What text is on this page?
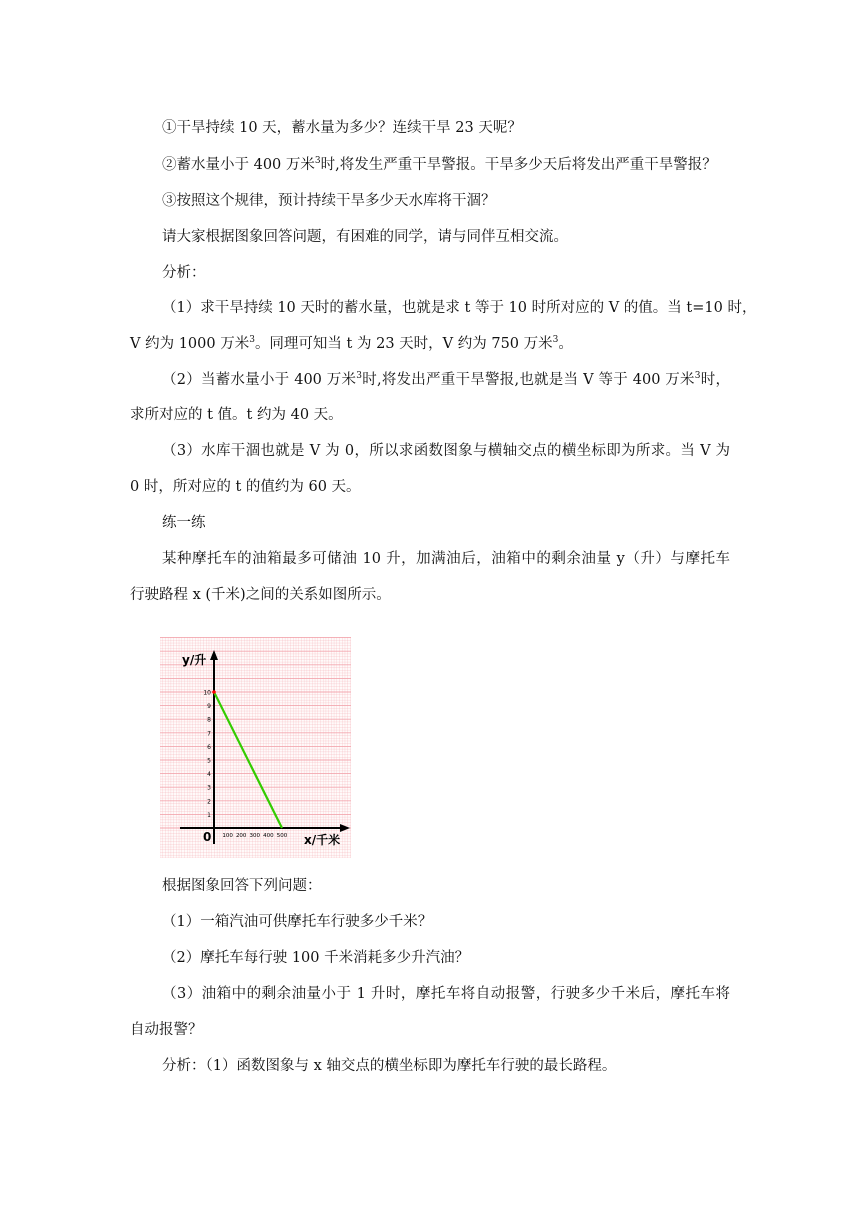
①干旱持续 10 天，蓄水量为多少？连续干旱 23 天呢？
②蓄水量小于 400 万米$^3$时,将发生严重干旱警报。干旱多少天后将发出严重干旱警报？
③按照这个规律，预计持续干旱多少天水库将干涸？
请大家根据图象回答问题，有困难的同学，请与同伴互相交流。
分析：
（1）求干旱持续 10 天时的蓄水量，也就是求 t 等于 10 时所对应的 V 的值。当 t=10 时，
V 约为 1000 万米$^3$。同理可知当 t 为 23 天时，V 约为 750 万米$^3$。
（2）当蓄水量小于 400 万米$^3$时,将发出严重干旱警报,也就是当 V 等于 400 万米$^3$时，
求所对应的 t 值。t 约为 40 天。
（3）水库干涸也就是 V 为 0，所以求函数图象与横轴交点的横坐标即为所求。当 V 为
0 时，所对应的 t 的值约为 60 天。
练一练
某种摩托车的油箱最多可储油 10 升，加满油后，油箱中的剩余油量 y（升）与摩托车
行驶路程 x (千米)之间的关系如图所示。
y/升
x/千米
0
1
2
3
4
5
6
7
8
9
10
100 200 300 400 500
根据图象回答下列问题：
（1）一箱汽油可供摩托车行驶多少千米？
（2）摩托车每行驶 100 千米消耗多少升汽油？
（3）油箱中的剩余油量小于 1 升时，摩托车将自动报警，行驶多少千米后，摩托车将
自动报警？
分析：（1）函数图象与 x 轴交点的横坐标即为摩托车行驶的最长路程。
